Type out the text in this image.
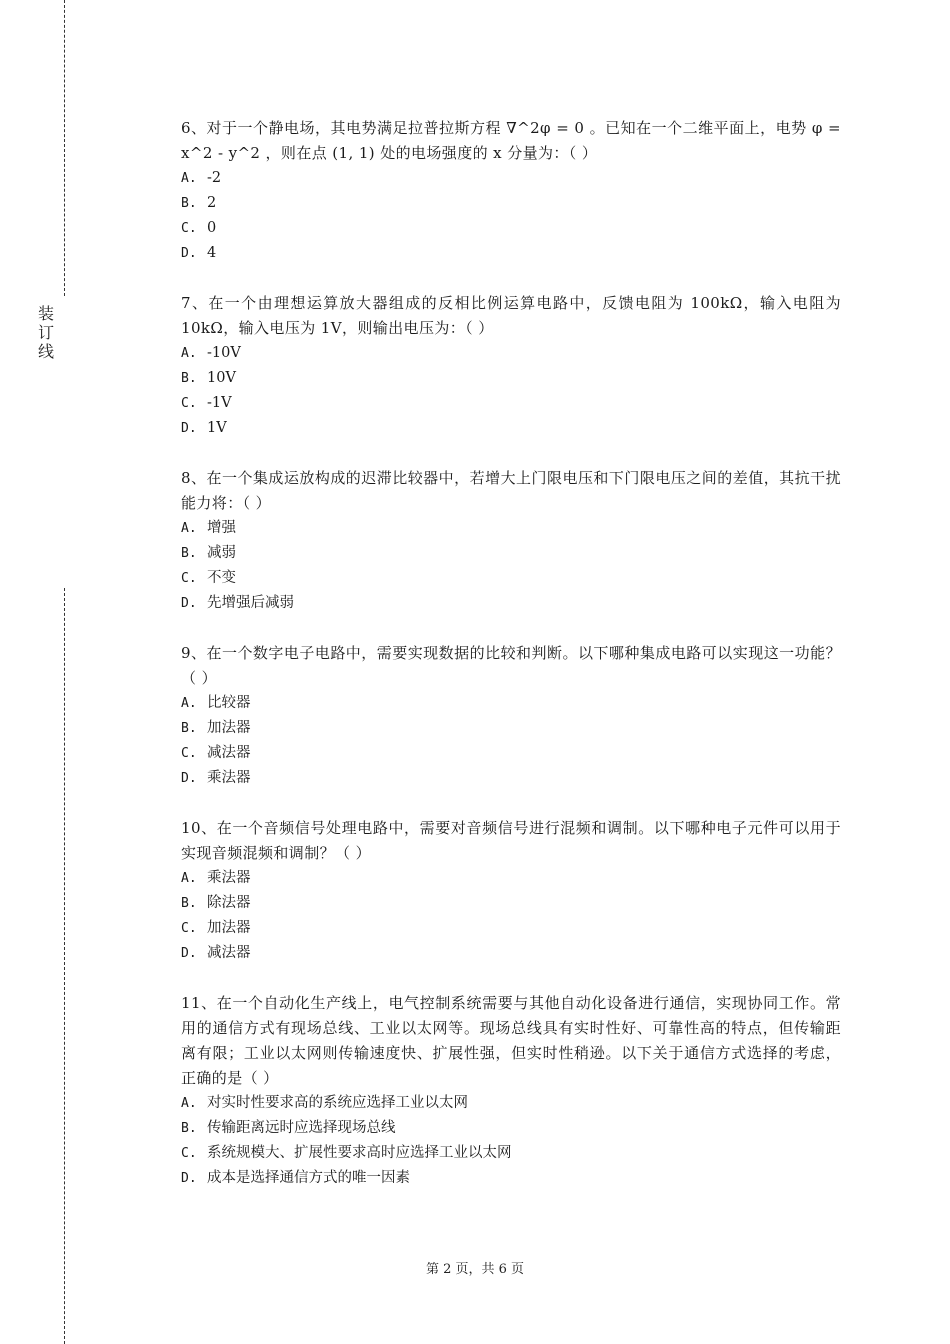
装
订
线

6、对于一个静电场，其电势满足拉普拉斯方程 ∇^2φ = 0 。已知在一个二维平面上，电势 φ = x^2 - y^2 ，则在点 (1, 1) 处的电场强度的 x 分量为：（ ）

A. -2

B. 2

C. 0

D. 4

7、在一个由理想运算放大器组成的反相比例运算电路中，反馈电阻为 100kΩ，输入电阻为 10kΩ，输入电压为 1V，则输出电压为：（ ）

A. -10V

B. 10V

C. -1V

D. 1V

8、在一个集成运放构成的迟滞比较器中，若增大上门限电压和下门限电压之间的差值，其抗干扰能力将：（ ）

A. 增强

B. 减弱

C. 不变

D. 先增强后减弱

9、在一个数字电子电路中，需要实现数据的比较和判断。以下哪种集成电路可以实现这一功能？（ ）

A. 比较器

B. 加法器

C. 减法器

D. 乘法器

10、在一个音频信号处理电路中，需要对音频信号进行混频和调制。以下哪种电子元件可以用于实现音频混频和调制？（ ）

A. 乘法器

B. 除法器

C. 加法器

D. 减法器

11、在一个自动化生产线上，电气控制系统需要与其他自动化设备进行通信，实现协同工作。常用的通信方式有现场总线、工业以太网等。现场总线具有实时性好、可靠性高的特点，但传输距离有限；工业以太网则传输速度快、扩展性强，但实时性稍逊。以下关于通信方式选择的考虑，正确的是（ ）

A. 对实时性要求高的系统应选择工业以太网

B. 传输距离远时应选择现场总线

C. 系统规模大、扩展性要求高时应选择工业以太网

D. 成本是选择通信方式的唯一因素

第 2 页，共 6 页
